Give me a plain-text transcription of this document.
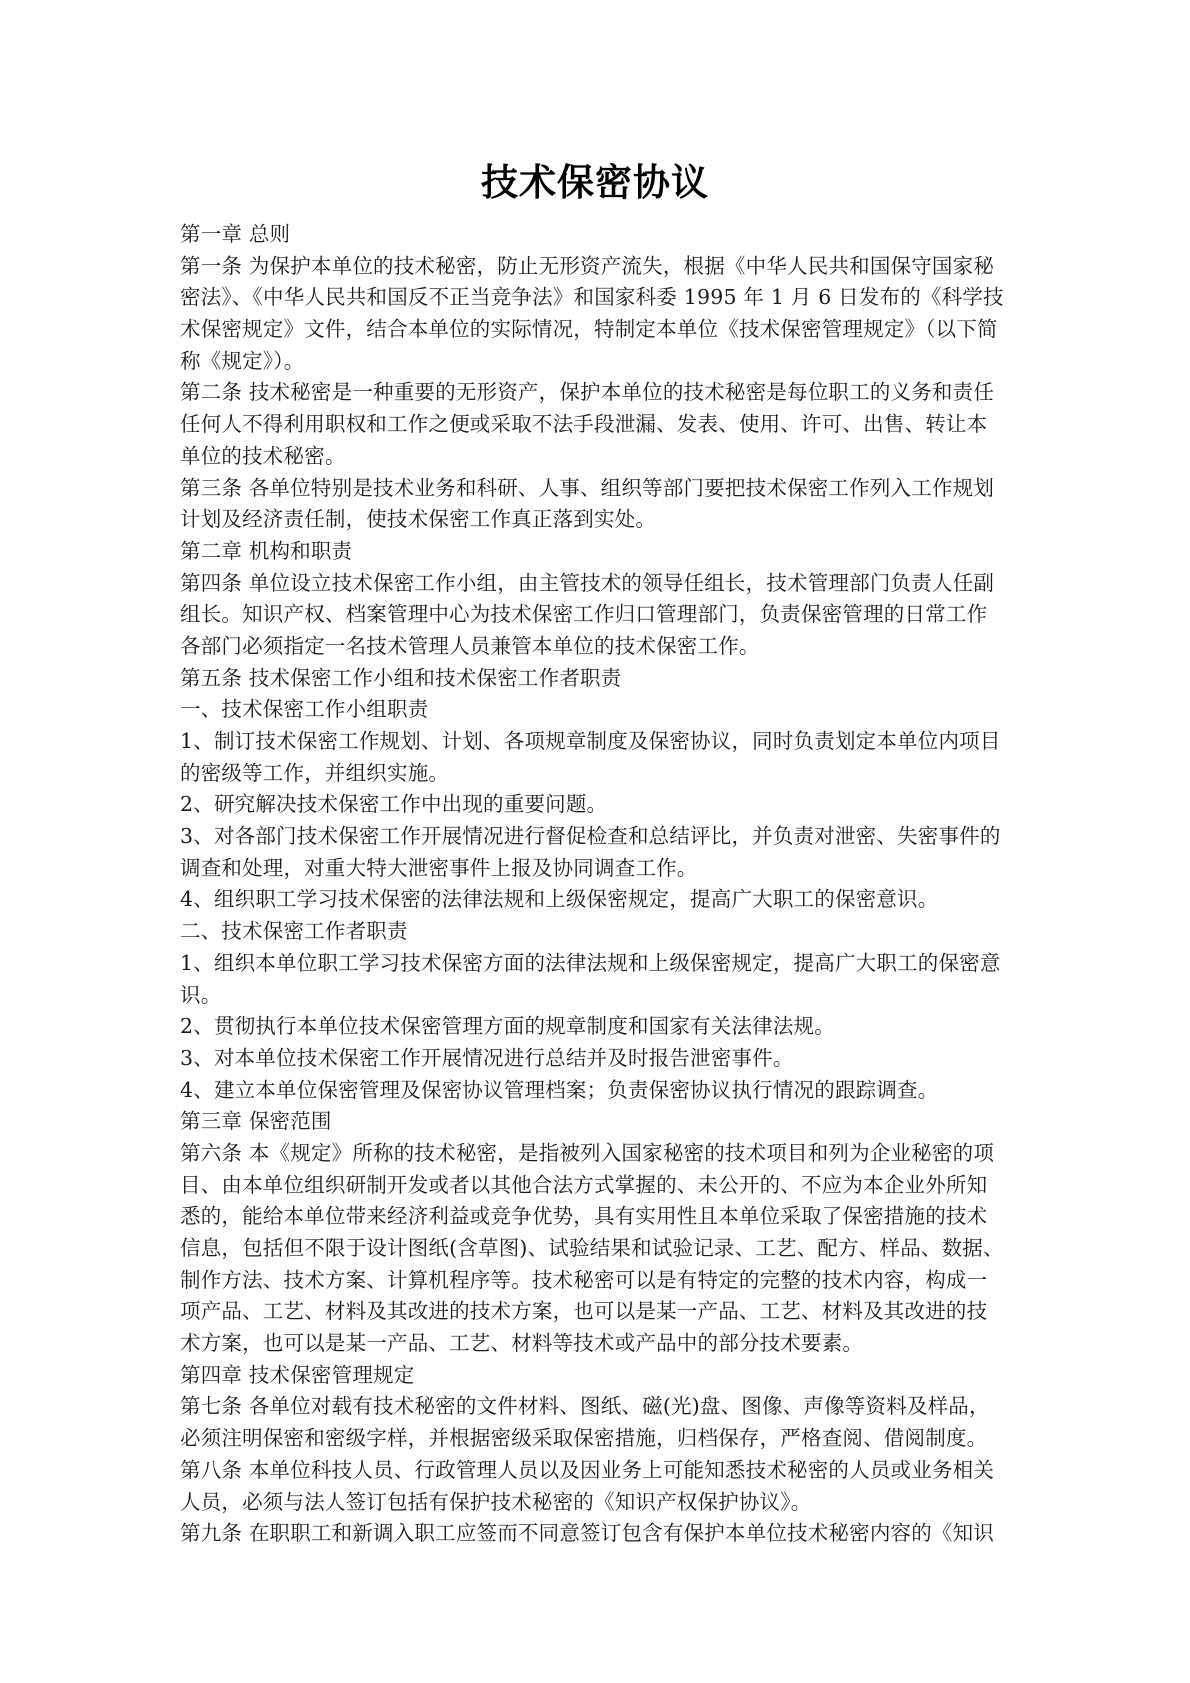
技术保密协议
第一章 总则
第一条 为保护本单位的技术秘密，防止无形资产流失，根据《中华人民共和国保守国家秘
密法》、《中华人民共和国反不正当竞争法》和国家科委 1995 年 1 月 6 日发布的《科学技
术保密规定》文件，结合本单位的实际情况，特制定本单位《技术保密管理规定》（以下简
称《规定》）。
第二条 技术秘密是一种重要的无形资产，保护本单位的技术秘密是每位职工的义务和责任
任何人不得利用职权和工作之便或采取不法手段泄漏、发表、使用、许可、出售、转让本
单位的技术秘密。
第三条 各单位特别是技术业务和科研、人事、组织等部门要把技术保密工作列入工作规划
计划及经济责任制，使技术保密工作真正落到实处。
第二章 机构和职责
第四条 单位设立技术保密工作小组，由主管技术的领导任组长，技术管理部门负责人任副
组长。知识产权、档案管理中心为技术保密工作归口管理部门，负责保密管理的日常工作
各部门必须指定一名技术管理人员兼管本单位的技术保密工作。
第五条 技术保密工作小组和技术保密工作者职责
一、技术保密工作小组职责
1、制订技术保密工作规划、计划、各项规章制度及保密协议，同时负责划定本单位内项目
的密级等工作，并组织实施。
2、研究解决技术保密工作中出现的重要问题。
3、对各部门技术保密工作开展情况进行督促检查和总结评比，并负责对泄密、失密事件的
调查和处理，对重大特大泄密事件上报及协同调查工作。
4、组织职工学习技术保密的法律法规和上级保密规定，提高广大职工的保密意识。
二、技术保密工作者职责
1、组织本单位职工学习技术保密方面的法律法规和上级保密规定，提高广大职工的保密意
识。
2、贯彻执行本单位技术保密管理方面的规章制度和国家有关法律法规。
3、对本单位技术保密工作开展情况进行总结并及时报告泄密事件。
4、建立本单位保密管理及保密协议管理档案；负责保密协议执行情况的跟踪调查。
第三章 保密范围
第六条 本《规定》所称的技术秘密，是指被列入国家秘密的技术项目和列为企业秘密的项
目、由本单位组织研制开发或者以其他合法方式掌握的、未公开的、不应为本企业外所知
悉的，能给本单位带来经济利益或竞争优势，具有实用性且本单位采取了保密措施的技术
信息，包括但不限于设计图纸(含草图)、试验结果和试验记录、工艺、配方、样品、数据、
制作方法、技术方案、计算机程序等。技术秘密可以是有特定的完整的技术内容，构成一
项产品、工艺、材料及其改进的技术方案，也可以是某一产品、工艺、材料及其改进的技
术方案，也可以是某一产品、工艺、材料等技术或产品中的部分技术要素。
第四章 技术保密管理规定
第七条 各单位对载有技术秘密的文件材料、图纸、磁(光)盘、图像、声像等资料及样品，
必须注明保密和密级字样，并根据密级采取保密措施，归档保存，严格查阅、借阅制度。
第八条 本单位科技人员、行政管理人员以及因业务上可能知悉技术秘密的人员或业务相关
人员，必须与法人签订包括有保护技术秘密的《知识产权保护协议》。
第九条 在职职工和新调入职工应签而不同意签订包含有保护本单位技术秘密内容的《知识
